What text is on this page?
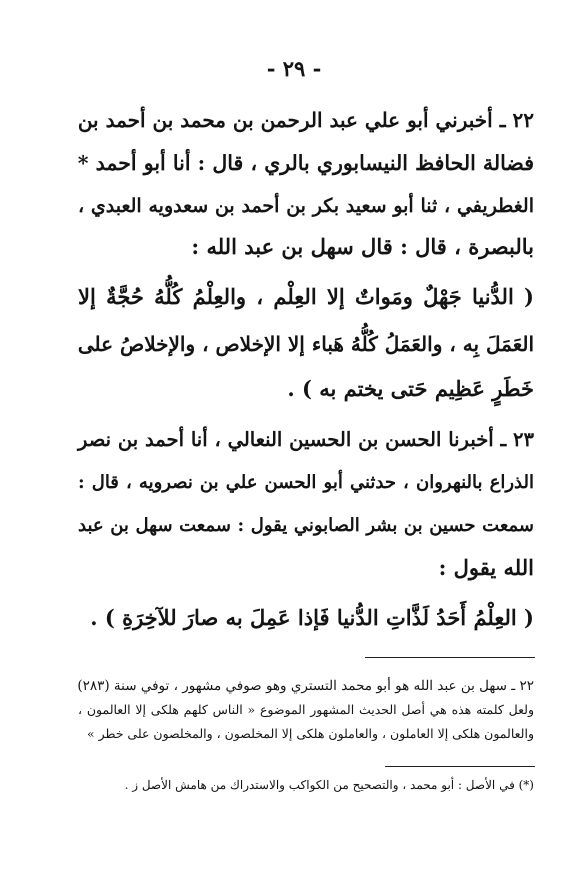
- ٢٩ -
٢٢ ـ أخبرني أبو علي عبد الرحمن بن محمد بن أحمد بن
فضالة الحافظ النيسابوري بالري ، قال : أنا أبو أحمد *
الغطريفي ، ثنا أبو سعيد بكر بن أحمد بن سعدويه العبدي ،
بالبصرة ، قال : قال سهل بن عبد الله :
( الدُّنيا جَهْلٌ ومَواتٌ إلا العِلْم ، والعِلْمُ كُلُّهُ حُجَّةٌ إلا
العَمَلَ بِه ، والعَمَلُ كُلُّهُ هَباء إلا الإخلاص ، والإخلاصُ على
خَطَرٍ عَظِيم حَتى يختم به ) .
٢٣ ـ أخبرنا الحسن بن الحسين النعالي ، أنا أحمد بن نصر
الذراع بالنهروان ، حدثني أبو الحسن علي بن نصرويه ، قال :
سمعت حسين بن بشر الصابوني يقول : سمعت سهل بن عبد
الله يقول :
( العِلْمُ أَحَدُ لَذَّاتِ الدُّنيا فَإذا عَمِلَ به صارَ للآخِرَةِ ) .
٢٢ ـ سهل بن عبد الله هو أبو محمد التستري وهو صوفي مشهور ، توفي سنة (٢٨٣)
ولعل كلمته هذه هي أصل الحديث المشهور الموضوع « الناس كلهم هلكى إلا العالمون ،
والعالمون هلكى إلا العاملون ، والعاملون هلكى إلا المخلصون ، والمخلصون على خطر »
(*) في الأصل : أبو محمد ، والتصحيح من الكواكب والاستدراك من هامش الأصل ز .
